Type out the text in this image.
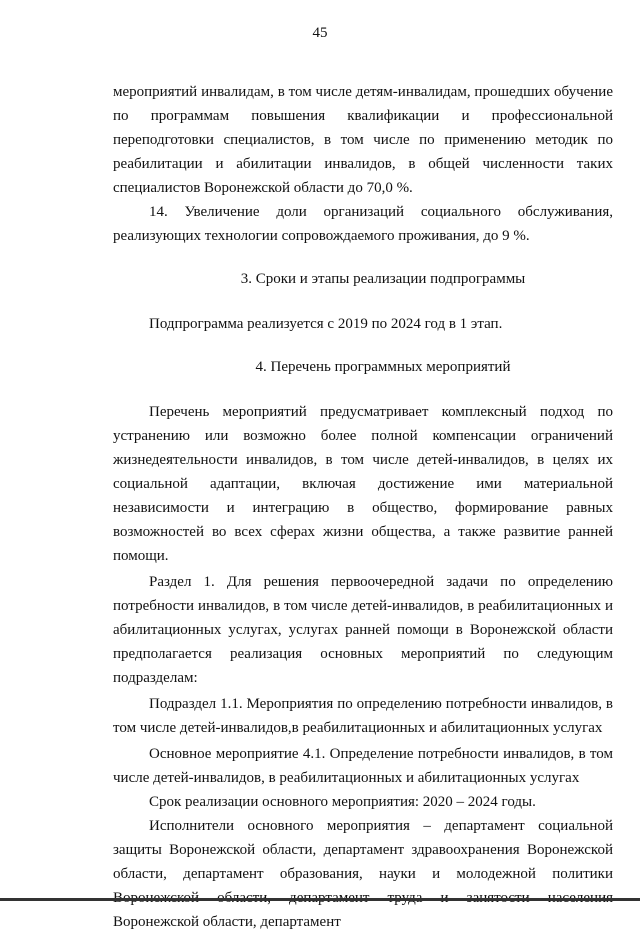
45

мероприятий инвалидам, в том числе детям-инвалидам, прошедших обучение по программам повышения квалификации и профессиональной переподготовки специалистов, в том числе по применению методик по реабилитации и абилитации инвалидов, в общей численности таких специалистов Воронежской области до 70,0 %.

14. Увеличение доли организаций социального обслуживания, реализующих технологии сопровождаемого проживания, до 9 %.

3. Сроки и этапы реализации подпрограммы

Подпрограмма реализуется с 2019 по 2024 год в 1 этап.

4. Перечень программных мероприятий

Перечень мероприятий предусматривает комплексный подход по устранению или возможно более полной компенсации ограничений жизнедеятельности инвалидов, в том числе детей-инвалидов, в целях их социальной адаптации, включая достижение ими материальной независимости и интеграцию в общество, формирование равных возможностей во всех сферах жизни общества, а также развитие ранней помощи.

Раздел 1. Для решения первоочередной задачи по определению потребности инвалидов, в том числе детей-инвалидов, в реабилитационных и абилитационных услугах, услугах ранней помощи в Воронежской области предполагается реализация основных мероприятий по следующим подразделам:

Подраздел 1.1. Мероприятия по определению потребности инвалидов, в том числе детей-инвалидов,в реабилитационных и абилитационных услугах

Основное мероприятие 4.1. Определение потребности инвалидов, в том числе детей-инвалидов, в реабилитационных и абилитационных услугах

Срок реализации основного мероприятия: 2020 – 2024 годы.

Исполнители основного мероприятия – департамент социальной защиты Воронежской области, департамент здравоохранения Воронежской области, департамент образования, науки и молодежной политики Воронежской области, департамент
